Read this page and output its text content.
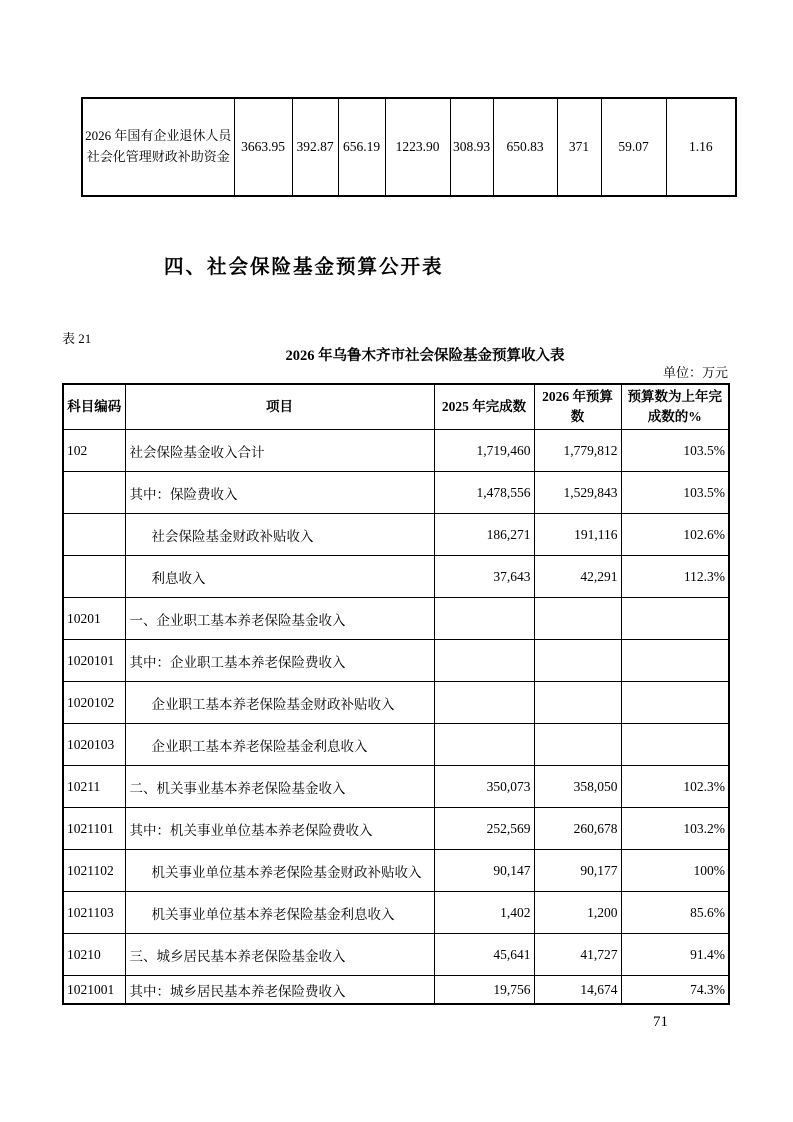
2026 年国有企业退休人员
社会化管理财政补助资金
	3663.95	392.87	656.19	1223.90	308.93	650.83	371	59.07	1.16
四、社会保险基金预算公开表
表 21
2026 年乌鲁木齐市社会保险基金预算收入表
单位：万元
科目编码	项目	2025 年完成数	2026 年预算数	预算数为上年完成数的%
102	社会保险基金收入合计	1,719,460	1,779,812	103.5%
	其中：保险费收入	1,478,556	1,529,843	103.5%
	社会保险基金财政补贴收入	186,271	191,116	102.6%
	利息收入	37,643	42,291	112.3%
10201	一、企业职工基本养老保险基金收入			
1020101	其中：企业职工基本养老保险费收入			
1020102	企业职工基本养老保险基金财政补贴收入			
1020103	企业职工基本养老保险基金利息收入			
10211	二、机关事业基本养老保险基金收入	350,073	358,050	102.3%
1021101	其中：机关事业单位基本养老保险费收入	252,569	260,678	103.2%
1021102	机关事业单位基本养老保险基金财政补贴收入	90,147	90,177	100%
1021103	机关事业单位基本养老保险基金利息收入	1,402	1,200	85.6%
10210	三、城乡居民基本养老保险基金收入	45,641	41,727	91.4%
1021001	其中：城乡居民基本养老保险费收入	19,756	14,674	74.3%
71
